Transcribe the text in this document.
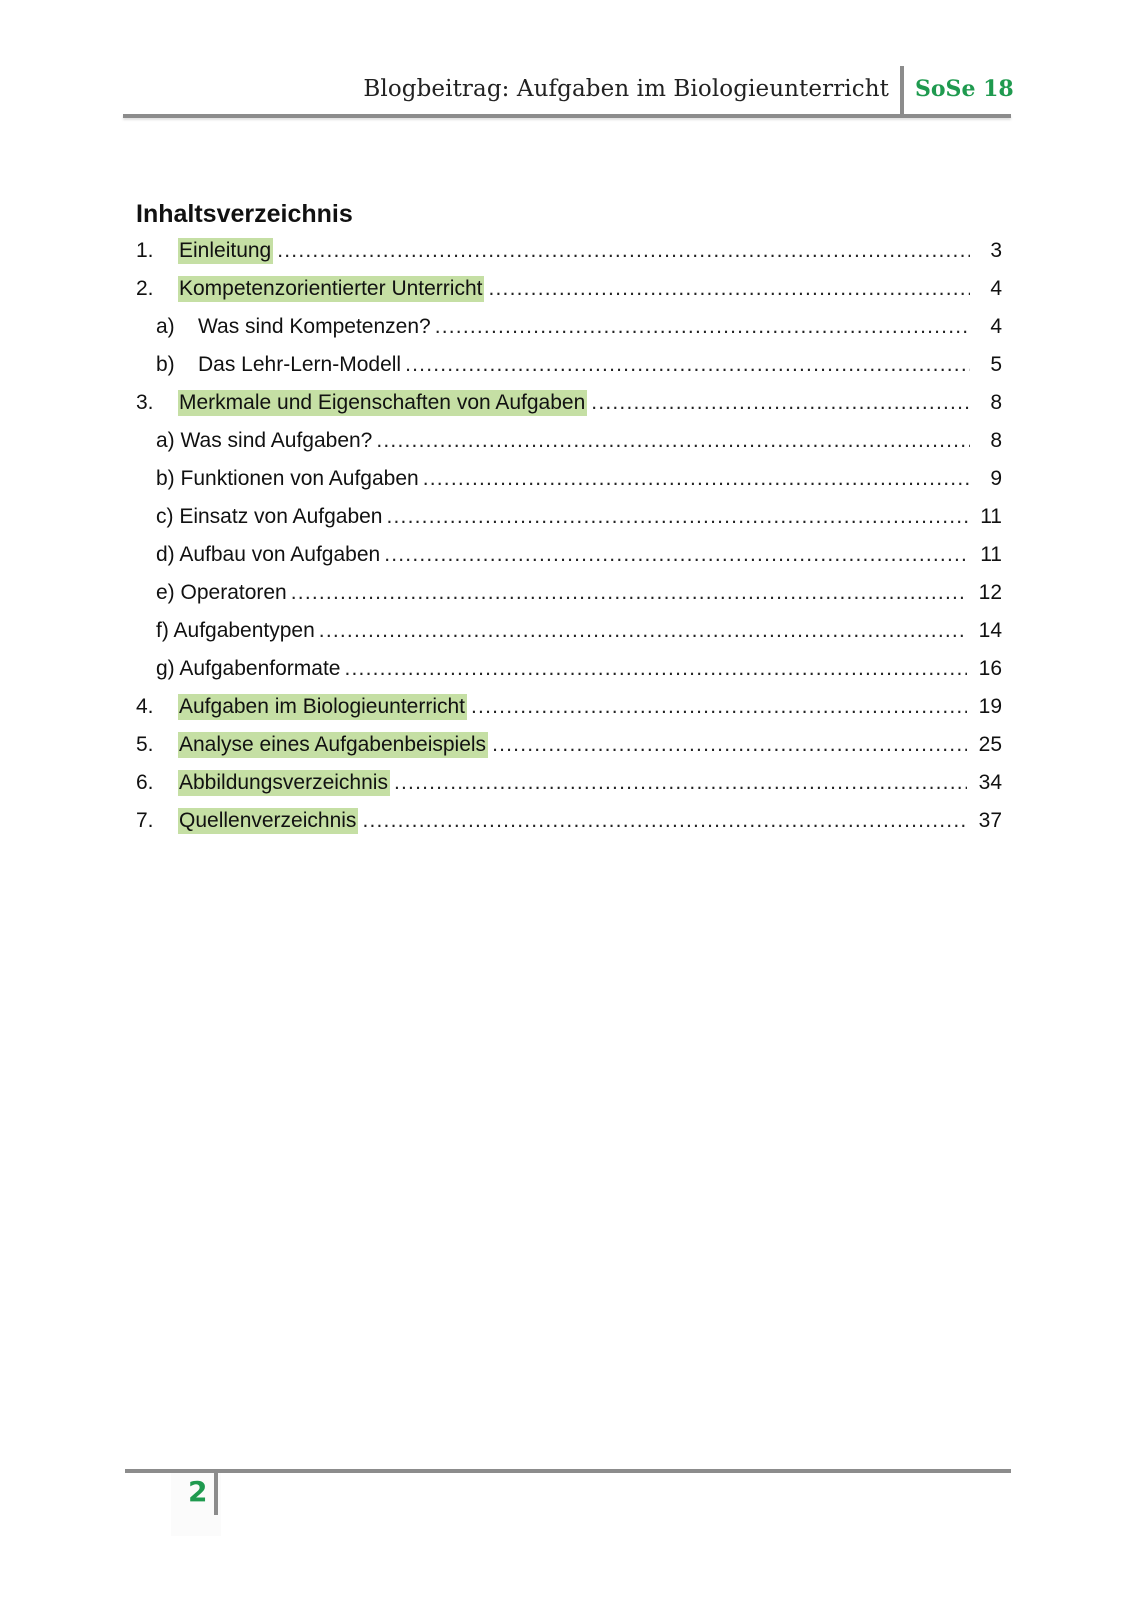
Blogbeitrag: Aufgaben im Biologieunterricht SoSe 18
Inhaltsverzeichnis
1.	Einleitung .....	3
2.	Kompetenzorientierter Unterricht .....	4
a)	Was sind Kompetenzen? .....	4
b)	Das Lehr-Lern-Modell .....	5
3.	Merkmale und Eigenschaften von Aufgaben .....	8
a) Was sind Aufgaben? .....	8
b) Funktionen von Aufgaben .....	9
c) Einsatz von Aufgaben .....	11
d) Aufbau von Aufgaben .....	11
e) Operatoren .....	12
f) Aufgabentypen .....	14
g) Aufgabenformate .....	16
4.	Aufgaben im Biologieunterricht .....	19
5.	Analyse eines Aufgabenbeispiels .....	25
6.	Abbildungsverzeichnis .....	34
7.	Quellenverzeichnis .....	37
2
